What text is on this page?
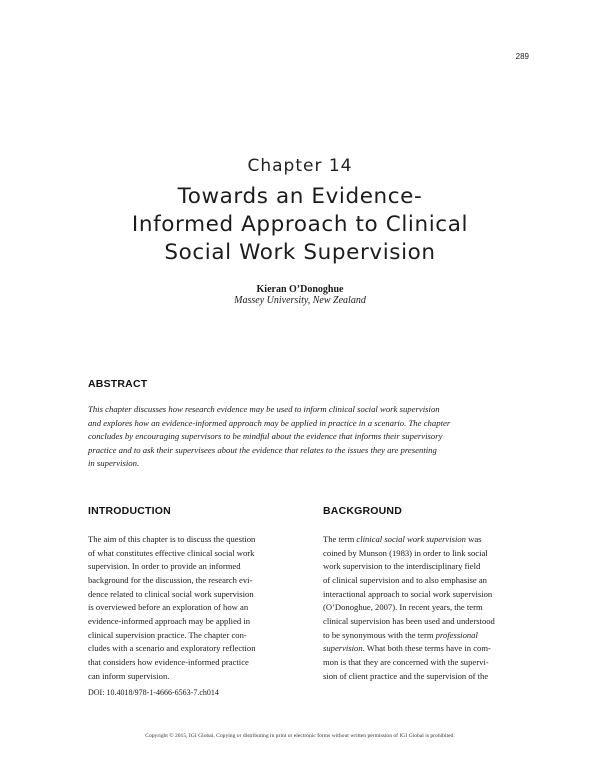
289
Chapter 14
Towards an Evidence-
Informed Approach to Clinical
Social Work Supervision
Kieran O’Donoghue
Massey University, New Zealand
ABSTRACT
This chapter discusses how research evidence may be used to inform clinical social work supervision
and explores how an evidence-informed approach may be applied in practice in a scenario. The chapter
concludes by encouraging supervisors to be mindful about the evidence that informs their supervisory
practice and to ask their supervisees about the evidence that relates to the issues they are presenting
in supervision.
INTRODUCTION	BACKGROUND
The aim of this chapter is to discuss the question
of what constitutes effective clinical social work
supervision. In order to provide an informed
background for the discussion, the research evi-
dence related to clinical social work supervision
is overviewed before an exploration of how an
evidence-informed approach may be applied in
clinical supervision practice. The chapter con-
cludes with a scenario and exploratory reflection
that considers how evidence-informed practice
can inform supervision.
The term clinical social work supervision was
coined by Munson (1983) in order to link social
work supervision to the interdisciplinary field
of clinical supervision and to also emphasise an
interactional approach to social work supervision
(O’Donoghue, 2007). In recent years, the term
clinical supervision has been used and understood
to be synonymous with the term professional
supervision. What both these terms have in com-
mon is that they are concerned with the supervi-
sion of client practice and the supervision of the
DOI: 10.4018/978-1-4666-6563-7.ch014
Copyright © 2015, IGI Global. Copying or distributing in print or electronic forms without written permission of IGI Global is prohibited.
